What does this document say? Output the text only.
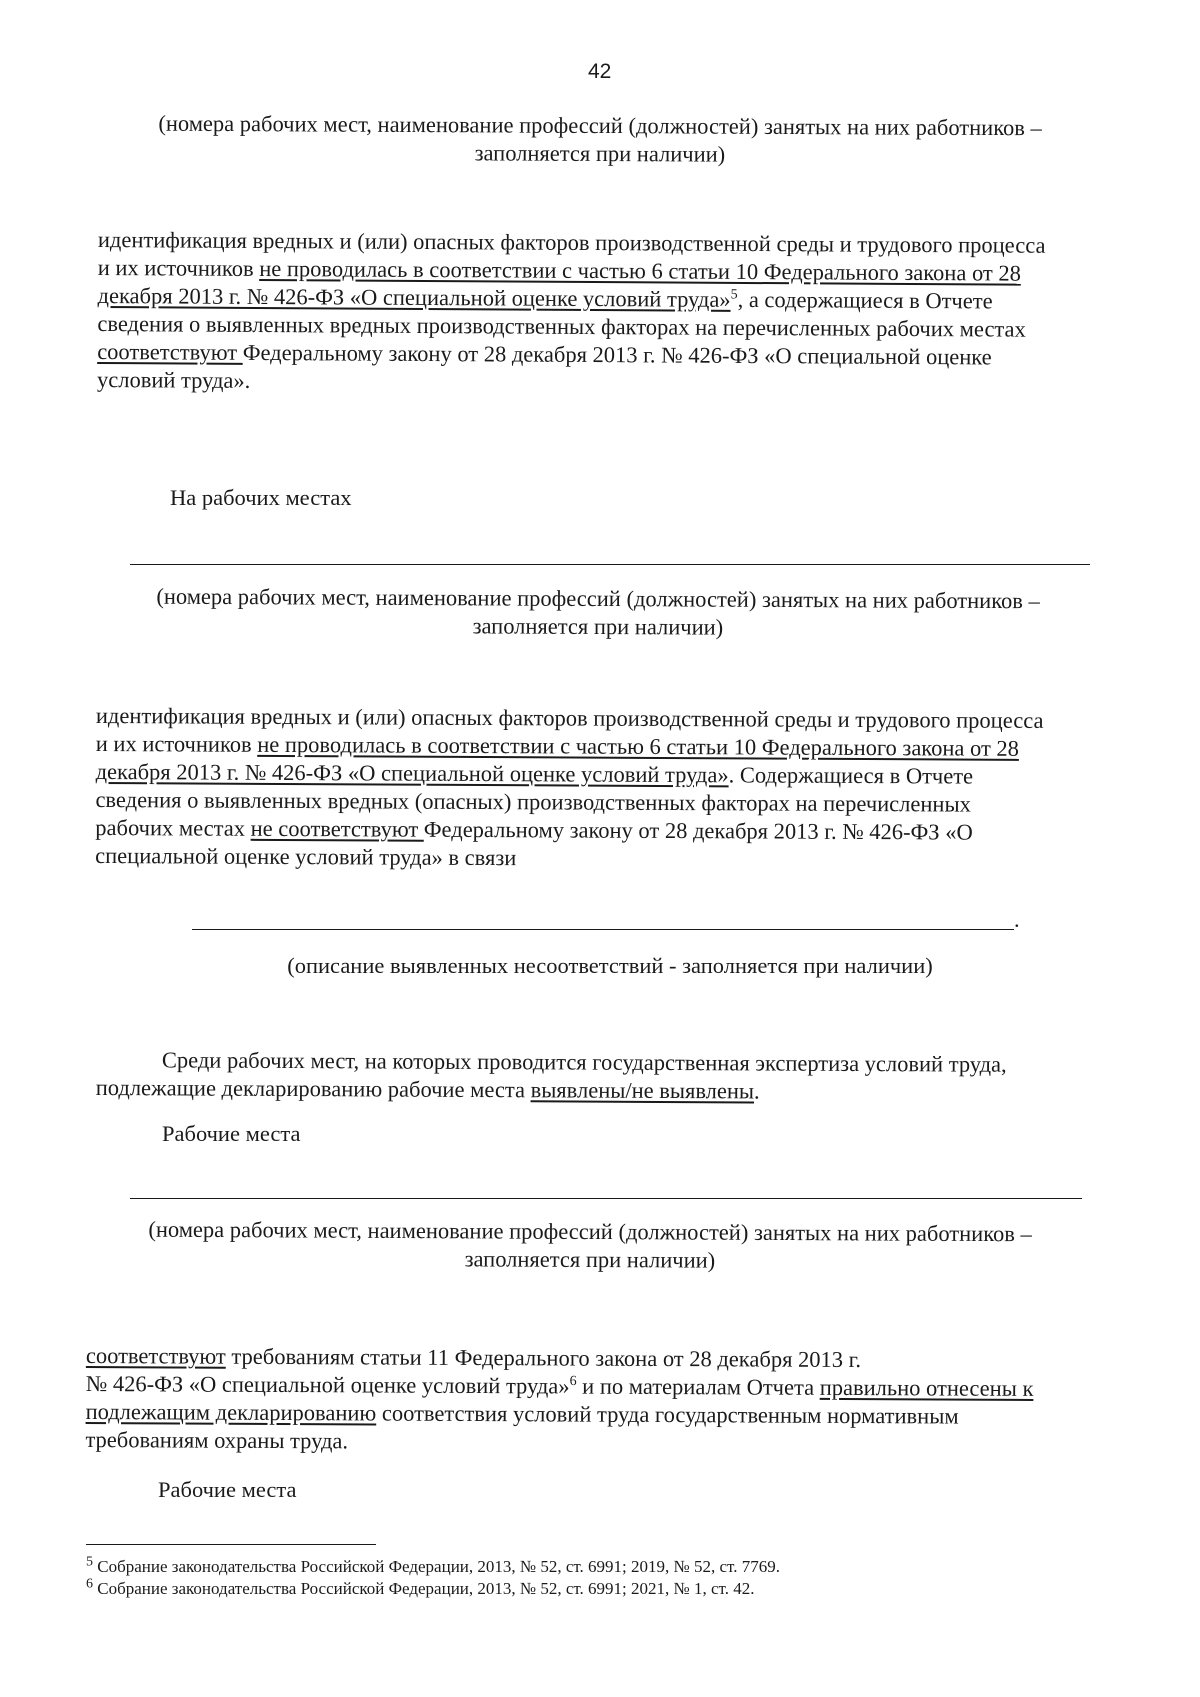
42
(номера рабочих мест, наименование профессий (должностей) занятых на них работников –
заполняется при наличии)
идентификация вредных и (или) опасных факторов производственной среды и трудового процесса
и их источников не проводилась в соответствии с частью 6 статьи 10 Федерального закона от 28
декабря 2013 г. № 426-ФЗ «О специальной оценке условий труда»$^5$, а содержащиеся в Отчете
сведения о выявленных вредных производственных факторах на перечисленных рабочих местах
соответствуют Федеральному закону от 28 декабря 2013 г. № 426-ФЗ «О специальной оценке
условий труда».
На рабочих местах
(номера рабочих мест, наименование профессий (должностей) занятых на них работников –
заполняется при наличии)
идентификация вредных и (или) опасных факторов производственной среды и трудового процесса
и их источников не проводилась в соответствии с частью 6 статьи 10 Федерального закона от 28
декабря 2013 г. № 426-ФЗ «О специальной оценке условий труда». Содержащиеся в Отчете
сведения о выявленных вредных (опасных) производственных факторах на перечисленных
рабочих местах не соответствуют Федеральному закону от 28 декабря 2013 г. № 426-ФЗ «О
специальной оценке условий труда» в связи
.
(описание выявленных несоответствий - заполняется при наличии)
Среди рабочих мест, на которых проводится государственная экспертиза условий труда,
подлежащие декларированию рабочие места выявлены/не выявлены.
Рабочие места
(номера рабочих мест, наименование профессий (должностей) занятых на них работников –
заполняется при наличии)
соответствуют требованиям статьи 11 Федерального закона от 28 декабря 2013 г.
№ 426-ФЗ «О специальной оценке условий труда»$^6$ и по материалам Отчета правильно отнесены к
подлежащим декларированию соответствия условий труда государственным нормативным
требованиям охраны труда.
Рабочие места
$^5$ Собрание законодательства Российской Федерации, 2013, № 52, ст. 6991; 2019, № 52, ст. 7769.
$^6$ Собрание законодательства Российской Федерации, 2013, № 52, ст. 6991; 2021, № 1, ст. 42.
